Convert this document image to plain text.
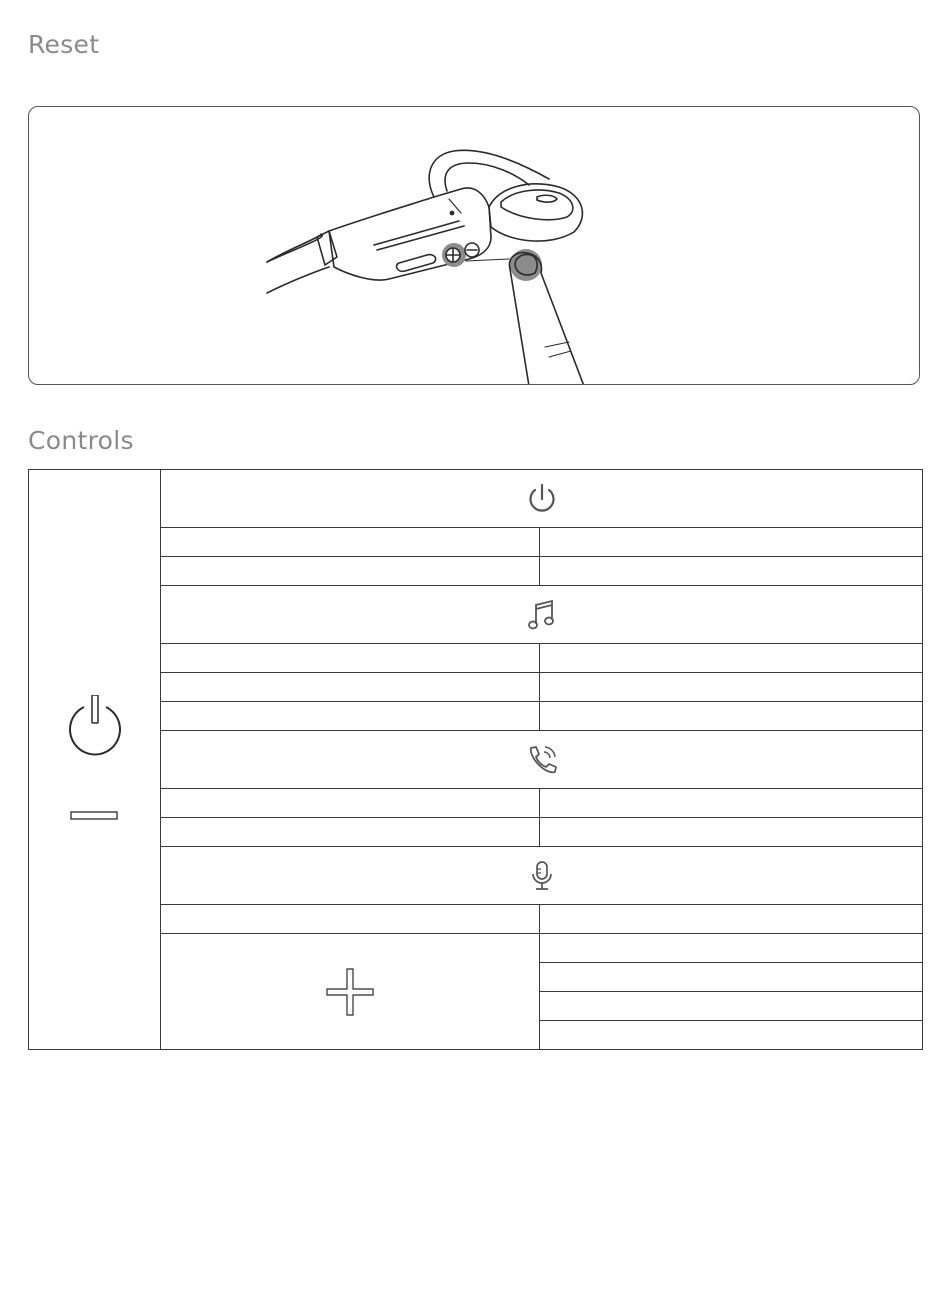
Reset
Controls
